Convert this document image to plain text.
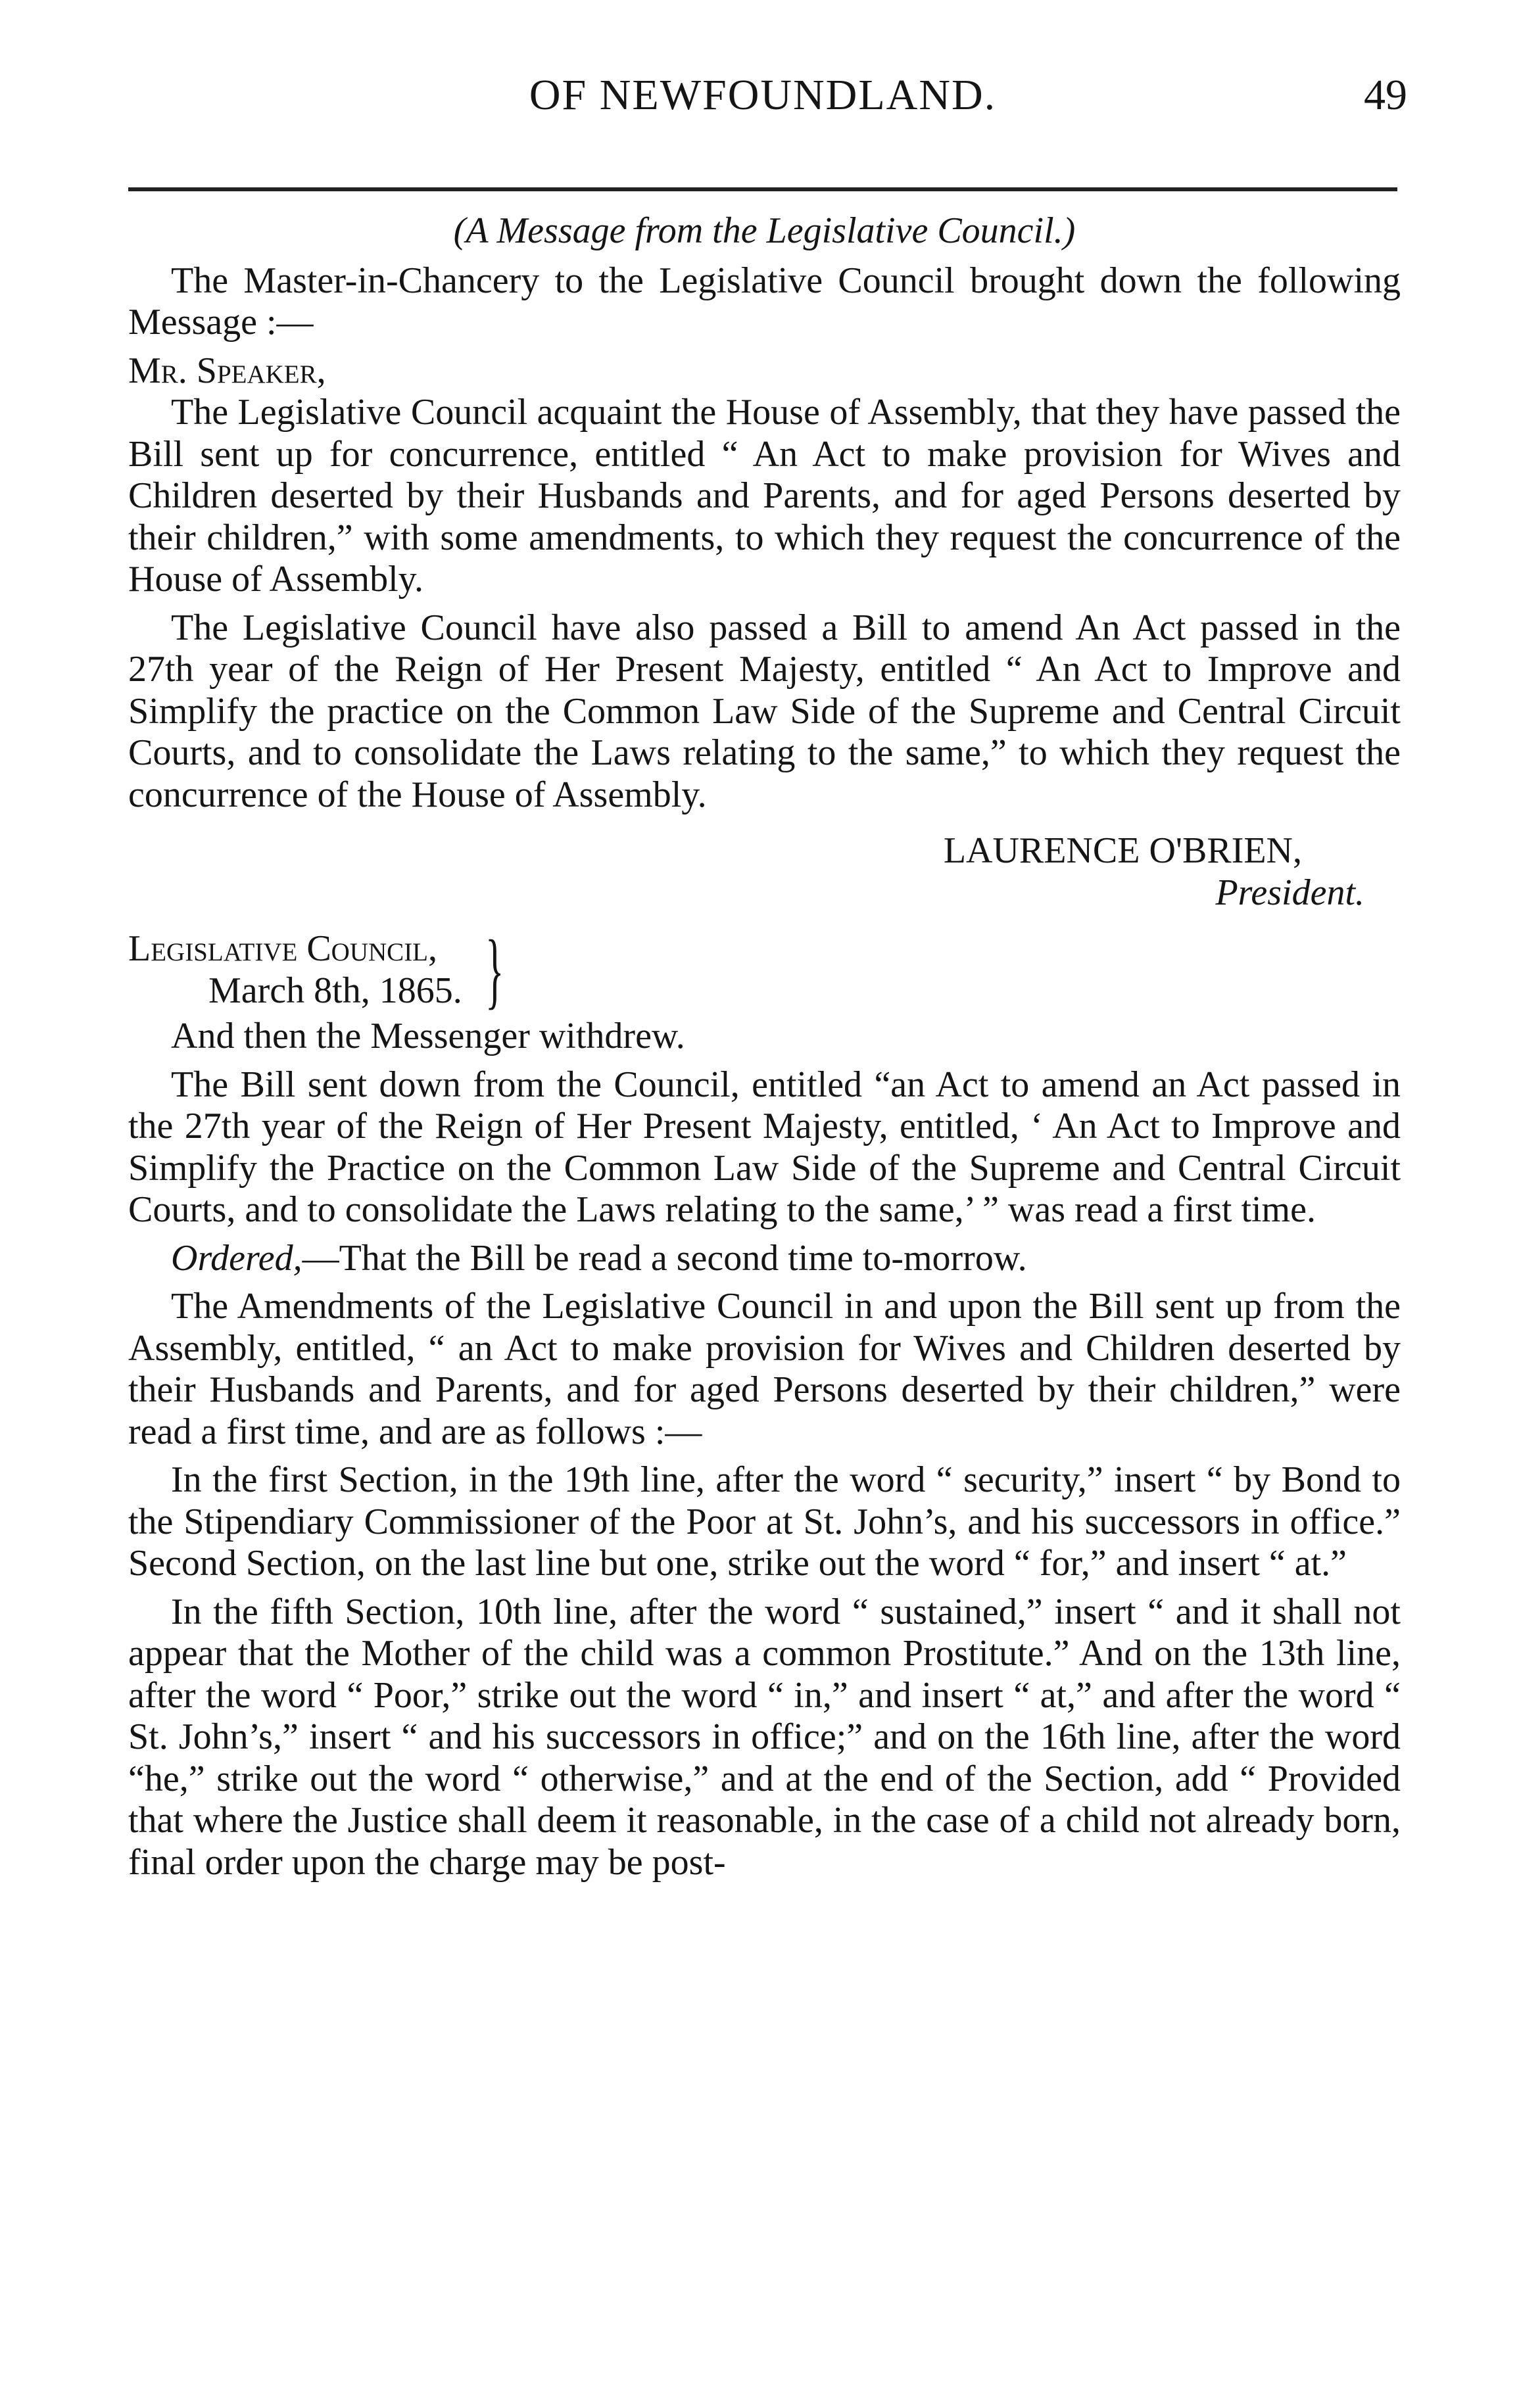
OF NEWFOUNDLAND.	49
(A Message from the Legislative Council.)

The Master-in-Chancery to the Legislative Council brought down the following Message :—

Mr. Speaker,

The Legislative Council acquaint the House of Assembly, that they have passed the Bill sent up for concurrence, entitled “ An Act to make provision for Wives and Children deserted by their Husbands and Parents, and for aged Persons deserted by their children,” with some amendments, to which they request the concurrence of the House of Assembly.

The Legislative Council have also passed a Bill to amend An Act passed in the 27th year of the Reign of Her Present Majesty, entitled “ An Act to Improve and Simplify the practice on the Common Law Side of the Supreme and Central Circuit Courts, and to consolidate the Laws relating to the same,” to which they request the concurrence of the House of Assembly.

LAURENCE O'BRIEN,

President.

Legislative Council,
March 8th, 1865. }

And then the Messenger withdrew.

The Bill sent down from the Council, entitled “an Act to amend an Act passed in the 27th year of the Reign of Her Present Majesty, entitled, ‘ An Act to Improve and Simplify the Practice on the Common Law Side of the Supreme and Central Circuit Courts, and to consolidate the Laws relating to the same,’ ” was read a first time.

Ordered,—That the Bill be read a second time to-morrow.

The Amendments of the Legislative Council in and upon the Bill sent up from the Assembly, entitled, “ an Act to make provision for Wives and Children deserted by their Husbands and Parents, and for aged Persons deserted by their children,” were read a first time, and are as follows :—

In the first Section, in the 19th line, after the word “ security,” insert “ by Bond to the Stipendiary Commissioner of the Poor at St. John’s, and his successors in office.” Second Section, on the last line but one, strike out the word “ for,” and insert “ at.”

In the fifth Section, 10th line, after the word “ sustained,” insert “ and it shall not appear that the Mother of the child was a common Prostitute.” And on the 13th line, after the word “ Poor,” strike out the word “ in,” and insert “ at,” and after the word “ St. John’s,” insert “ and his successors in office;” and on the 16th line, after the word “he,” strike out the word “ otherwise,” and at the end of the Section, add “ Provided that where the Justice shall deem it reasonable, in the case of a child not already born, final order upon the charge may be post-
